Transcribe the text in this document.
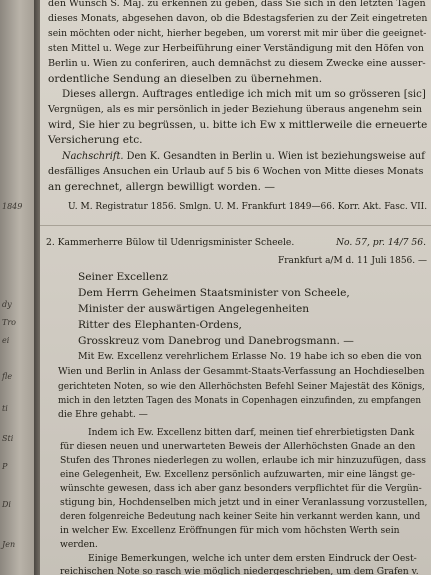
1849
dy
Tro
ei
fle
ti
Sti
P
Di
Jen
den Wunsch S. Maj. zu erkennen zu geben, dass Sie sich in den letzten Tagen
dieses Monats, abgesehen davon, ob die Bdestagsferien zu der Zeit eingetreten
sein möchten oder nicht, hierher begeben, um vorerst mit mir über die geeignet-
sten Mittel u. Wege zur Herbeiführung einer Verständigung mit den Höfen von
Berlin u. Wien zu conferiren, auch demnächst zu diesem Zwecke eine ausser-
ordentliche Sendung an dieselben zu übernehmen.
Dieses allergn. Auftrages entledige ich mich mit um so grösseren [sic]
Vergnügen, als es mir persönlich in jeder Beziehung überaus angenehm sein
wird, Sie hier zu begrüssen, u. bitte ich Ew x mittlerweile die erneuerte
Versicherung etc.
Nachschrift. Den K. Gesandten in Berlin u. Wien ist beziehungsweise auf
desfälliges Ansuchen ein Urlaub auf 5 bis 6 Wochen von Mitte dieses Monats
an gerechnet, allergn bewilligt worden. —
U. M. Registratur 1856. Smlgn. U. M. Frankfurt 1849—66. Korr. Akt. Fasc. VII.
2. Kammerherre Bülow til Udenrigsminister Scheele.	No. 57, pr. 14/7 56.
Frankfurt a/M d. 11 Juli 1856. —
Seiner Excellenz
Dem Herrn Geheimen Staatsminister von Scheele,
Minister der auswärtigen Angelegenheiten
Ritter des Elephanten-Ordens,
Grosskreuz vom Danebrog und Danebrogsmann. —
Mit Ew. Excellenz verehrlichem Erlasse No. 19 habe ich so eben die von
Wien und Berlin in Anlass der Gesammt-Staats-Verfassung an Hochdieselben
gerichteten Noten, so wie den Allerhöchsten Befehl Seiner Majestät des Königs,
mich in den letzten Tagen des Monats in Copenhagen einzufinden, zu empfangen
die Ehre gehabt. —
Indem ich Ew. Excellenz bitten darf, meinen tief ehrerbietigsten Dank
für diesen neuen und unerwarteten Beweis der Allerhöchsten Gnade an den
Stufen des Thrones niederlegen zu wollen, erlaube ich mir hinzuzufügen, dass
eine Gelegenheit, Ew. Excellenz persönlich aufzuwarten, mir eine längst ge-
wünschte gewesen, dass ich aber ganz besonders verpflichtet für die Vergün-
stigung bin, Hochdenselben mich jetzt und in einer Veranlassung vorzustellen,
deren folgenreiche Bedeutung nach keiner Seite hin verkannt werden kann, und
in welcher Ew. Excellenz Eröffnungen für mich vom höchsten Werth sein
werden.
Einige Bemerkungen, welche ich unter dem ersten Eindruck der Oest-
reichischen Note so rasch wie möglich niedergeschrieben, um dem Grafen v.
